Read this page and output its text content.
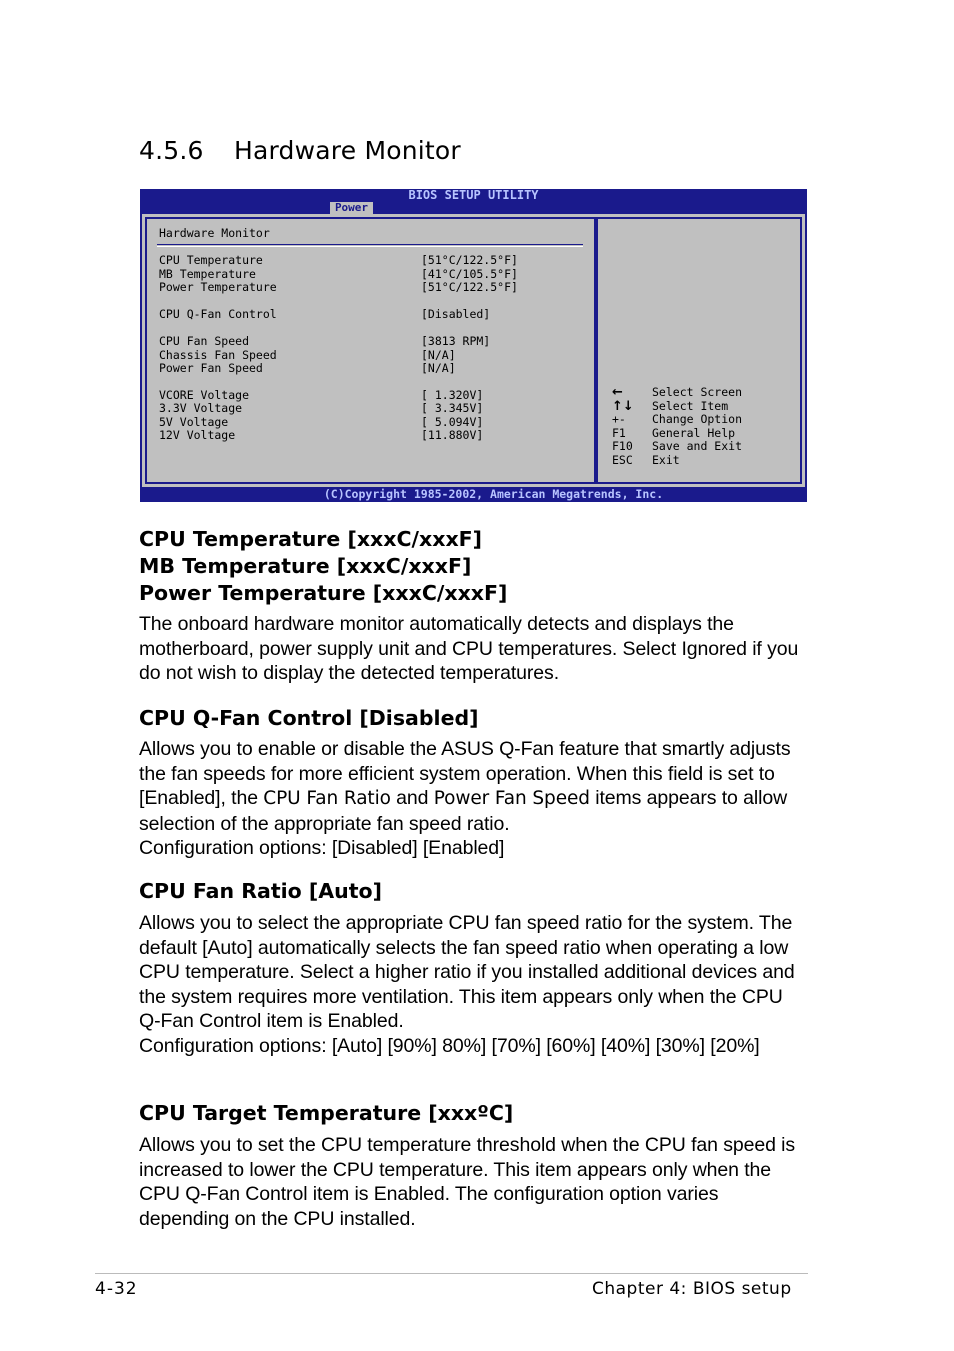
4.5.6 Hardware Monitor
BIOS SETUP UTILITY
Power
Hardware Monitor
CPU Temperature	[51°C/122.5°F]
MB Temperature	[41°C/105.5°F]
Power Temperature	[51°C/122.5°F]
CPU Q-Fan Control	[Disabled]
CPU Fan Speed	[3813 RPM]
Chassis Fan Speed	[N/A]
Power Fan Speed	[N/A]
VCORE Voltage	[ 1.320V]
3.3V Voltage	[ 3.345V]
5V Voltage	[ 5.094V]
12V Voltage	[11.880V]
←	Select Screen
↑↓	Select Item
+-	Change Option
F1	General Help
F10	Save and Exit
ESC	Exit
(C)Copyright 1985-2002, American Megatrends, Inc.
CPU Temperature [xxxC/xxxF]
MB Temperature [xxxC/xxxF]
Power Temperature [xxxC/xxxF]

The onboard hardware monitor automatically detects and displays the motherboard, power supply unit and CPU temperatures. Select Ignored if you do not wish to display the detected temperatures.

CPU Q-Fan Control [Disabled]

Allows you to enable or disable the ASUS Q-Fan feature that smartly adjusts the fan speeds for more efficient system operation. When this field is set to [Enabled], the CPU Fan Ratio and Power Fan Speed items appears to allow selection of the appropriate fan speed ratio.
Configuration options: [Disabled] [Enabled]

CPU Fan Ratio [Auto]

Allows you to select the appropriate CPU fan speed ratio for the system. The default [Auto] automatically selects the fan speed ratio when operating a low CPU temperature. Select a higher ratio if you installed additional devices and the system requires more ventilation. This item appears only when the CPU Q-Fan Control item is Enabled.
Configuration options: [Auto] [90%] 80%] [70%] [60%] [40%] [30%] [20%]

CPU Target Temperature [xxxºC]

Allows you to set the CPU temperature threshold when the CPU fan speed is increased to lower the CPU temperature. This item appears only when the CPU Q-Fan Control item is Enabled. The configuration option varies depending on the CPU installed.

4-32	Chapter 4: BIOS setup
